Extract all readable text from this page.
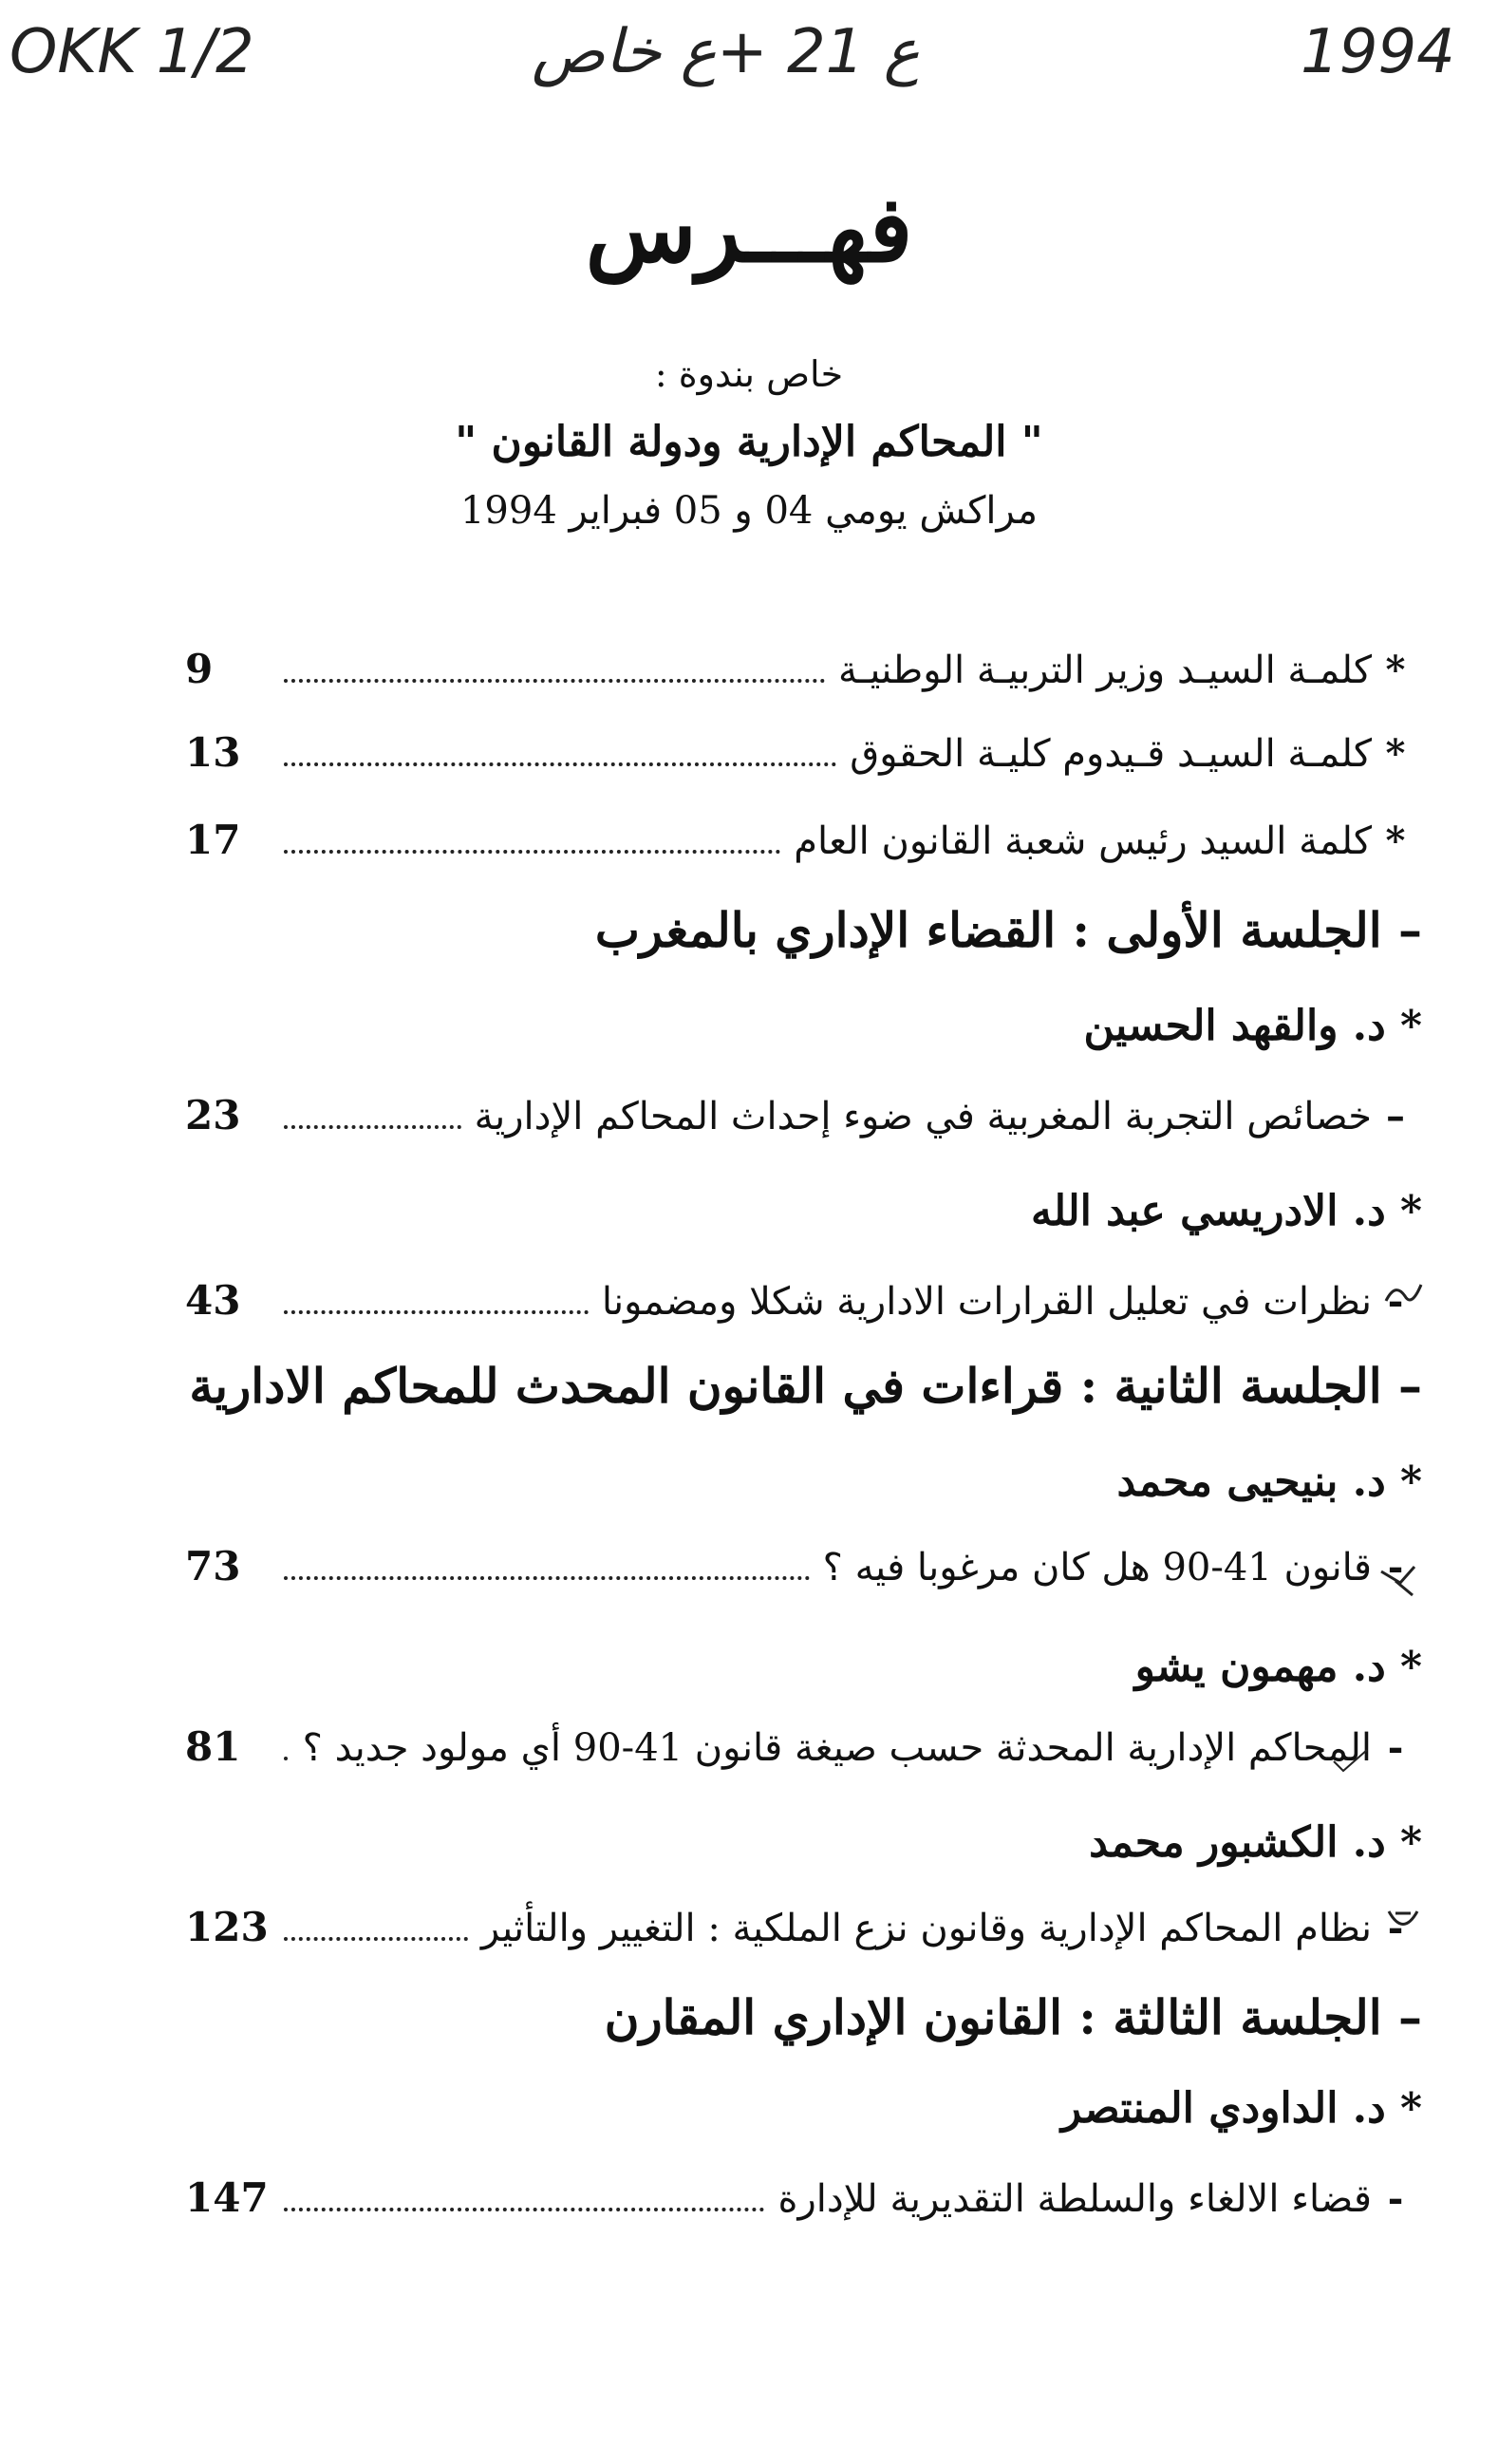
OKK 1/2	ع 21 +ع خاص	1994
فهـــرس
خاص بندوة :
" المحاكم الإدارية ودولة القانون "
مراكش يومي 04 و 05 فبراير 1994
*
كلمـة السيـد وزير التربيـة الوطنيـة
9
*
كلمـة السيـد قـيدوم كليـة الحقوق
13
*
كلمة السيد رئيس شعبة القانون العام
17
– الجلسة الأولى : القضاء الإداري بالمغرب
* د. والقهد الحسين
–
خصائص التجربة المغربية في ضوء إحداث المحاكم الإدارية
23
* د. الادريسي عبد الله
-
نظرات في تعليل القرارات الادارية شكلا ومضمونا
43
– الجلسة الثانية : قراءات في القانون المحدث للمحاكم الادارية
* د. بنيحيى محمد
-
قانون 41-90 هل كان مرغوبا فيه ؟
73
* د. مهمون يشو
-
المحاكم الإدارية المحدثة حسب صيغة قانون 41-90 أي مولود جديد ؟
81
* د. الكشبور محمد
-
نظام المحاكم الإدارية وقانون نزع الملكية : التغيير والتأثير
123
– الجلسة الثالثة : القانون الإداري المقارن
* د. الداودي المنتصر
-
قضاء الالغاء والسلطة التقديرية للإدارة
147
